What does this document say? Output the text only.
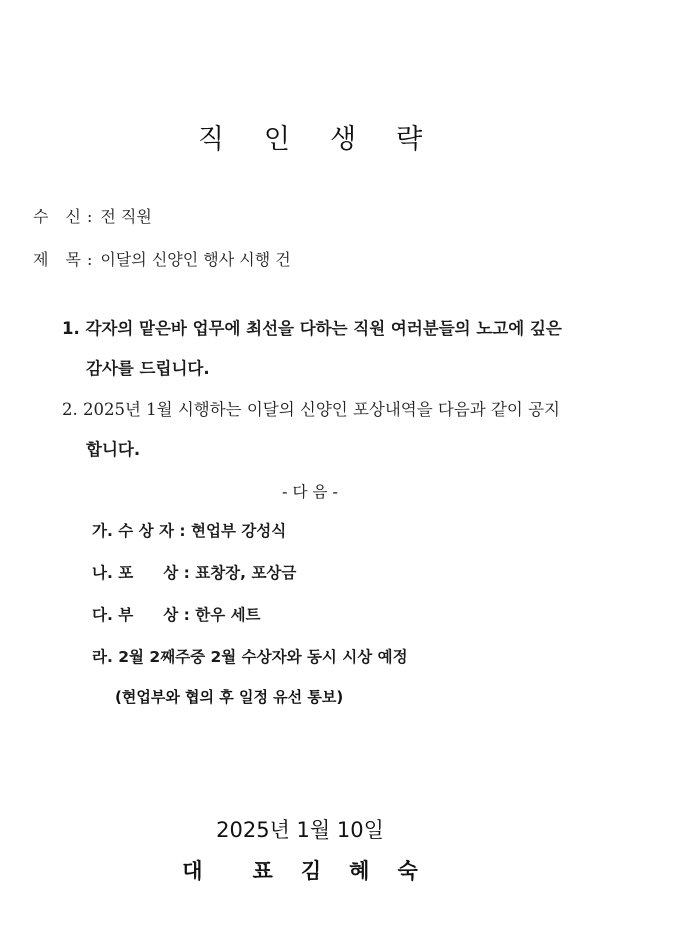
직 인 생 략
수 신 : 전 직원
제 목 : 이달의 신양인 행사 시행 건
1. 각자의 맡은바 업무에 최선을 다하는 직원 여러분들의 노고에 깊은
감사를 드립니다.
2. 2025년 1월 시행하는 이달의 신양인 포상내역을 다음과 같이 공지
합니다.
- 다 음 -
가. 수 상 자 : 현업부 강성식
나. 포 상 : 표창장, 포상금
다. 부 상 : 한우 세트
라. 2월 2째주중 2월 수상자와 동시 시상 예정
(현업부와 협의 후 일정 유선 통보)
2025년 1월 10일
대 표 김 혜 숙
